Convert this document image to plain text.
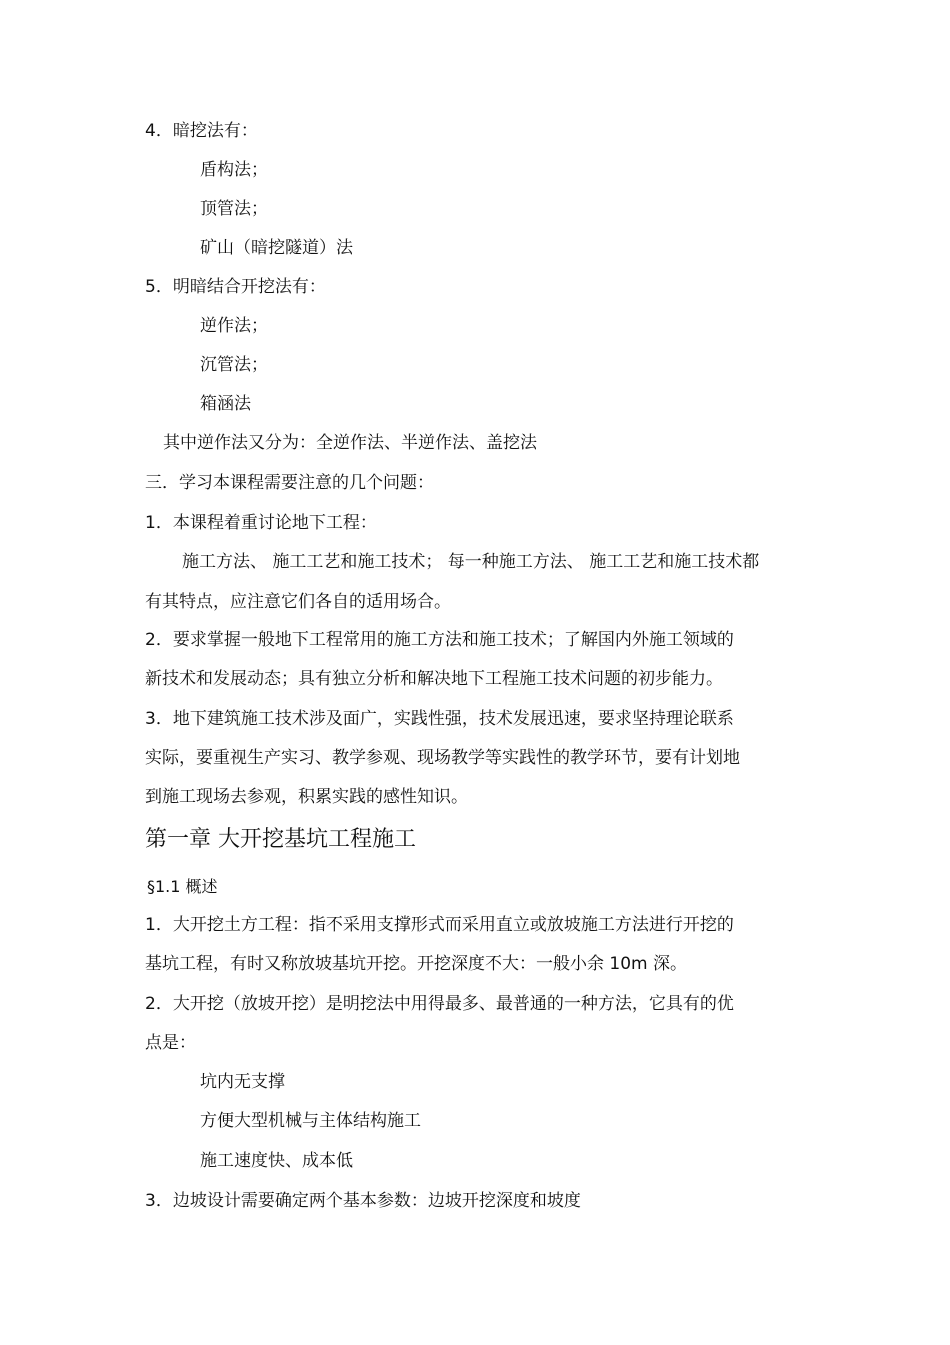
4．暗挖法有：
盾构法；
顶管法；
矿山（暗挖隧道）法
5．明暗结合开挖法有：
逆作法；
沉管法；
箱涵法
其中逆作法又分为：全逆作法、半逆作法、盖挖法
三．学习本课程需要注意的几个问题：
1．本课程着重讨论地下工程：
施工方法、 施工工艺和施工技术； 每一种施工方法、 施工工艺和施工技术都
有其特点，应注意它们各自的适用场合。
2．要求掌握一般地下工程常用的施工方法和施工技术；了解国内外施工领域的
新技术和发展动态；具有独立分析和解决地下工程施工技术问题的初步能力。
3．地下建筑施工技术涉及面广，实践性强，技术发展迅速，要求坚持理论联系
实际，要重视生产实习、教学参观、现场教学等实践性的教学环节，要有计划地
到施工现场去参观，积累实践的感性知识。
第一章 大开挖基坑工程施工
§1.1 概述
1．大开挖土方工程：指不采用支撑形式而采用直立或放坡施工方法进行开挖的
基坑工程，有时又称放坡基坑开挖。开挖深度不大：一般小余 10m 深。
2．大开挖（放坡开挖）是明挖法中用得最多、最普通的一种方法，它具有的优
点是：
坑内无支撑
方便大型机械与主体结构施工
施工速度快、成本低
3．边坡设计需要确定两个基本参数：边坡开挖深度和坡度
